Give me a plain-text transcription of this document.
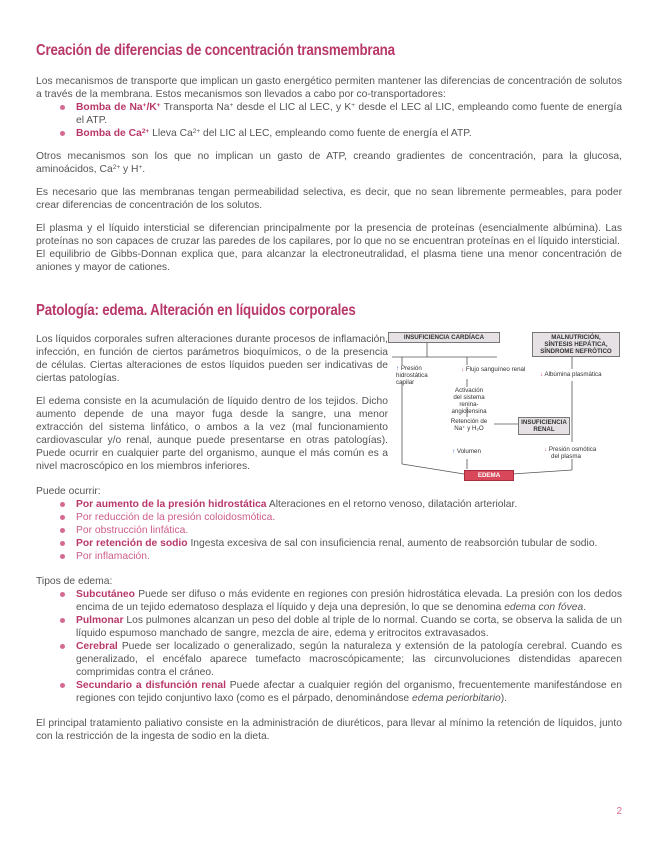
Creación de diferencias de concentración transmembrana

Los mecanismos de transporte que implican un gasto energético permiten mantener las diferencias de concentración de solutos a través de la membrana. Estos mecanismos son llevados a cabo por co-transportadores:

Bomba de Na+/K+ Transporta Na+ desde el LIC al LEC, y K+ desde el LEC al LIC, empleando como fuente de energía el ATP.
Bomba de $Ca^{2+}$ Lleva $Ca^{2+}$ del LIC al LEC, empleando como fuente de energía el ATP.

Otros mecanismos son los que no implican un gasto de ATP, creando gradientes de concentración, para la glucosa, aminoácidos, $Ca^{2+}$ y H+.

Es necesario que las membranas tengan permeabilidad selectiva, es decir, que no sean libremente permeables, para poder crear diferencias de concentración de los solutos.

El plasma y el líquido intersticial se diferencian principalmente por la presencia de proteínas (esencialmente albúmina). Las proteínas no son capaces de cruzar las paredes de los capilares, por lo que no se encuentran proteínas en el líquido intersticial.

El equilibrio de Gibbs-Donnan explica que, para alcanzar la electroneutralidad, el plasma tiene una menor concentración de aniones y mayor de cationes.

Patología: edema. Alteración en líquidos corporales

Los líquidos corporales sufren alteraciones durante procesos de inflamación, infección, en función de ciertos parámetros bioquímicos, o de la presencia de células. Ciertas alteraciones de estos líquidos pueden ser indicativas de ciertas patologías.

El edema consiste en la acumulación de líquido dentro de los tejidos. Dicho aumento depende de una mayor fuga desde la sangre, una menor extracción del sistema linfático, o ambos a la vez (mal funcionamiento cardiovascular y/o renal, aunque puede presentarse en otras patologías). Puede ocurrir en cualquier parte del organismo, aunque el más común es a nivel macroscópico en los miembros inferiores.

Puede ocurrir:

Por aumento de la presión hidrostática Alteraciones en el retorno venoso, dilatación arteriolar.
Por reducción de la presión coloidosmótica.
Por obstrucción linfática.
Por retención de sodio Ingesta excesiva de sal con insuficiencia renal, aumento de reabsorción tubular de sodio.
Por inflamación.

Tipos de edema:

Subcutáneo Puede ser difuso o más evidente en regiones con presión hidrostática elevada. La presión con los dedos encima de un tejido edematoso desplaza el líquido y deja una depresión, lo que se denomina edema con fóvea.
Pulmonar Los pulmones alcanzan un peso del doble al triple de lo normal. Cuando se corta, se observa la salida de un líquido espumoso manchado de sangre, mezcla de aire, edema y eritrocitos extravasados.
Cerebral Puede ser localizado o generalizado, según la naturaleza y extensión de la patología cerebral. Cuando es generalizado, el encéfalo aparece tumefacto macroscópicamente; las circunvoluciones distendidas aparecen comprimidas contra el cráneo.
Secundario a disfunción renal Puede afectar a cualquier región del organismo, frecuentemente manifestándose en regiones con tejido conjuntivo laxo (como es el párpado, denominándose edema periorbitario).

El principal tratamiento paliativo consiste en la administración de diuréticos, para llevar al mínimo la retención de líquidos, junto con la restricción de la ingesta de sodio en la dieta.

INSUFICIENCIA CARDÍACA	MALNUTRICIÓN,
SÍNTESIS HEPÁTICA,
SÍNDROME NEFRÓTICO
↑ Presión
hidrostática
capilar
↓ Flujo sanguíneo renal
↓ Albúmina plasmática
Activación
del sistema
renina-angiotensina
Retención de
Na⁺ y H₂O
INSUFICIENCIA
RENAL
↑ Volumen	↓ Presión osmótica
del plasma
EDEMA
2
